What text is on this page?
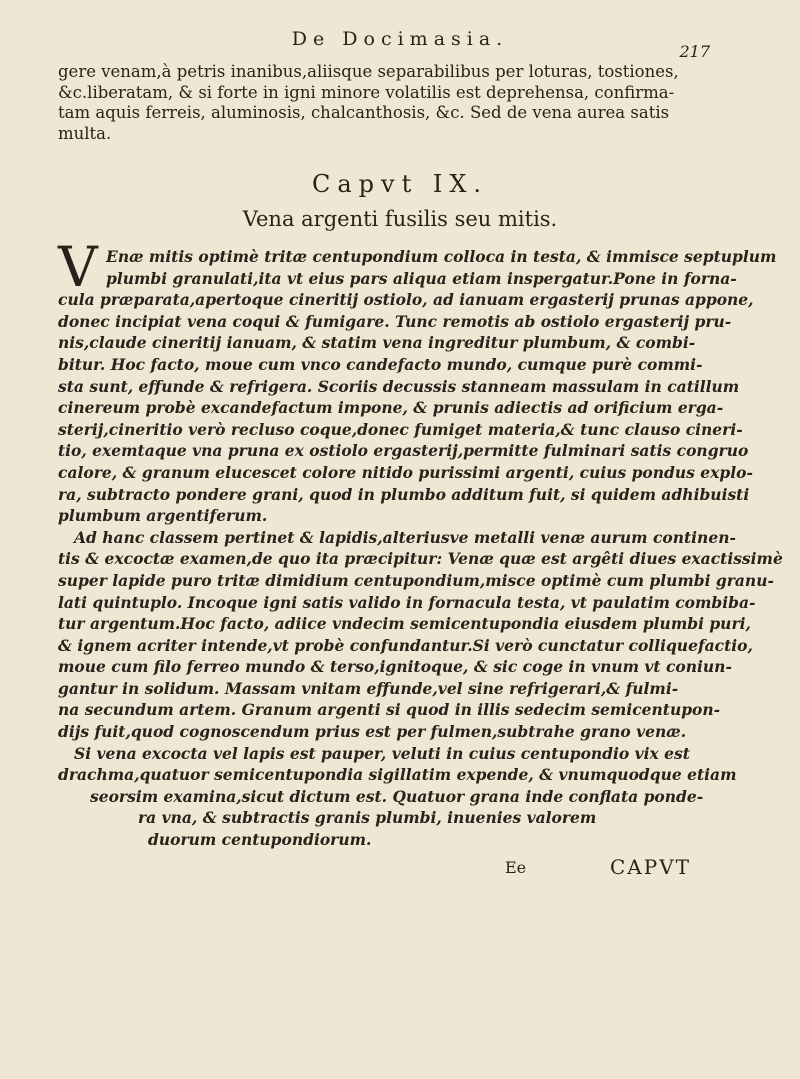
De Docimasia.
217

gere venam,à petris inanibus,aliisque separabilibus per loturas, tostiones,
&c.liberatam, & si forte in igni minore volatilis est deprehensa, confirma-
tam aquis ferreis, aluminosis, chalcanthosis, &c. Sed de vena aurea satis
multa.

Capvt IX.
Vena argenti fusilis seu mitis.
V Enæ mitis optimè tritæ centupondium colloca in testa, & immisce septuplum
plumbi granulati,ita vt eius pars aliqua etiam inspergatur.Pone in forna-
cula præparata,apertoque cineritij ostiolo, ad ianuam ergasterij prunas appone,
donec incipiat vena coqui & fumigare. Tunc remotis ab ostiolo ergasterij pru-
nis,claude cineritij ianuam, & statim vena ingreditur plumbum, & combi-
bitur. Hoc facto, moue cum vnco candefacto mundo, cumque purè commi-
sta sunt, effunde & refrigera. Scoriis decussis stanneam massulam in catillum
cinereum probè excandefactum impone, & prunis adiectis ad orificium erga-
sterij,cineritio verò recluso coque,donec fumiget materia,& tunc clauso cineri-
tio, exemtaque vna pruna ex ostiolo ergasterij,permitte fulminari satis congruo
calore, & granum elucescet colore nitido purissimi argenti, cuius pondus explo-
ra, subtracto pondere grani, quod in plumbo additum fuit, si quidem adhibuisti
plumbum argentiferum.
Ad hanc classem pertinet & lapidis,alteriusve metalli venæ aurum continen-
tis & excoctæ examen,de quo ita præcipitur: Venæ quæ est argêti diues exactissimè
super lapide puro tritæ dimidium centupondium,misce optimè cum plumbi granu-
lati quintuplo. Incoque igni satis valido in fornacula testa, vt paulatim combiba-
tur argentum.Hoc facto, adiice vndecim semicentupondia eiusdem plumbi puri,
& ignem acriter intende,vt probè confundantur.Si verò cunctatur colliquefactio,
moue cum filo ferreo mundo & terso,ignitoque, & sic coge in vnum vt coniun-
gantur in solidum. Massam vnitam effunde,vel sine refrigerari,& fulmi-
na secundum artem. Granum argenti si quod in illis sedecim semicentupon-
dijs fuit,quod cognoscendum prius est per fulmen,subtrahe grano venæ.
Si vena excocta vel lapis est pauper, veluti in cuius centupondio vix est
drachma,quatuor semicentupondia sigillatim expende, & vnumquodque etiam
seorsim examina,sicut dictum est. Quatuor grana inde conflata ponde-
ra vna, & subtractis granis plumbi, inuenies valorem
duorum centupondiorum.

Ee	CAPVT
